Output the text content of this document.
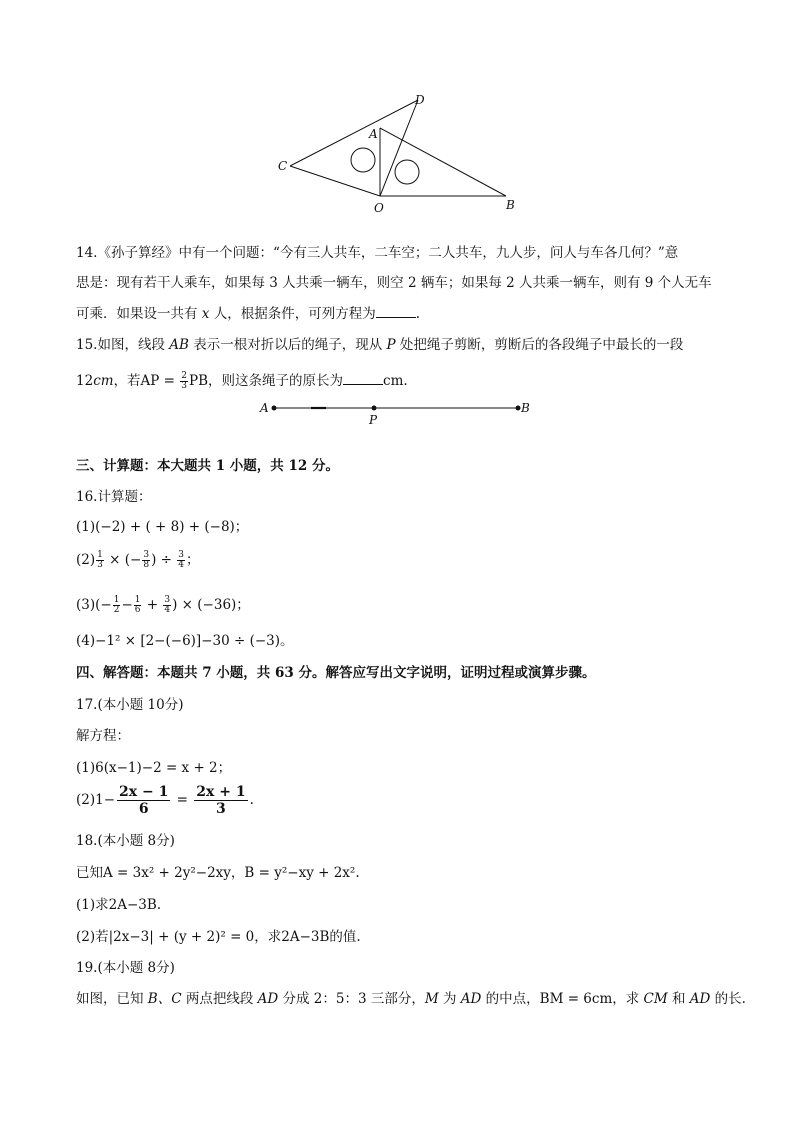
D
A
C
O	B
14.《孙子算经》中有一个问题：“今有三人共车，二车空；二人共车，九人步，问人与车各几何？”意
思是：现有若干人乘车，如果每 3 人共乘一辆车，则空 2 辆车；如果每 2 人共乘一辆车，则有 9 个人无车
可乘．如果设一共有 x 人，根据条件，可列方程为	.
15.如图，线段 AB 表示一根对折以后的绳子，现从 P 处把绳子剪断，剪断后的各段绳子中最长的一段
12cm，若AP = $\frac{2}{3}$ PB，则这条绳子的原长为	cm.
A
P
B
三、计算题：本大题共 1 小题，共 12 分。
16.计算题：
(1)(−2) + ( + 8) + (−8)；
$(2) \frac{1}{3}$ × (− $\frac{3}{8}$ ) ÷ $\frac{3}{4}$ ；
$(3)(- \frac{1}{2} - \frac{1}{6} + \frac{3}{4}$ ) × (−36)；
(4)−1² × [2−(−6)]−30 ÷ (−3)。
四、解答题：本题共 7 小题，共 63 分。解答应写出文字说明，证明过程或演算步骤。
17.(本小题 10分)
解方程：
(1)6(x−1)−2 = x + 2；
$(2)1- \frac{2x - 1}{6} = \frac{2x + 1}{3}$ .
18.(本小题 8分)
已知A = 3x² + 2y²−2xy，B = y²−xy + 2x².
(1)求2A−3B.
(2)若|2x−3| + (y + 2)² = 0，求2A−3B的值.
19.(本小题 8分)
如图，已知 B、C 两点把线段 AD 分成 2：5：3 三部分，M 为 AD 的中点，BM = 6cm，求 CM 和 AD 的长.
